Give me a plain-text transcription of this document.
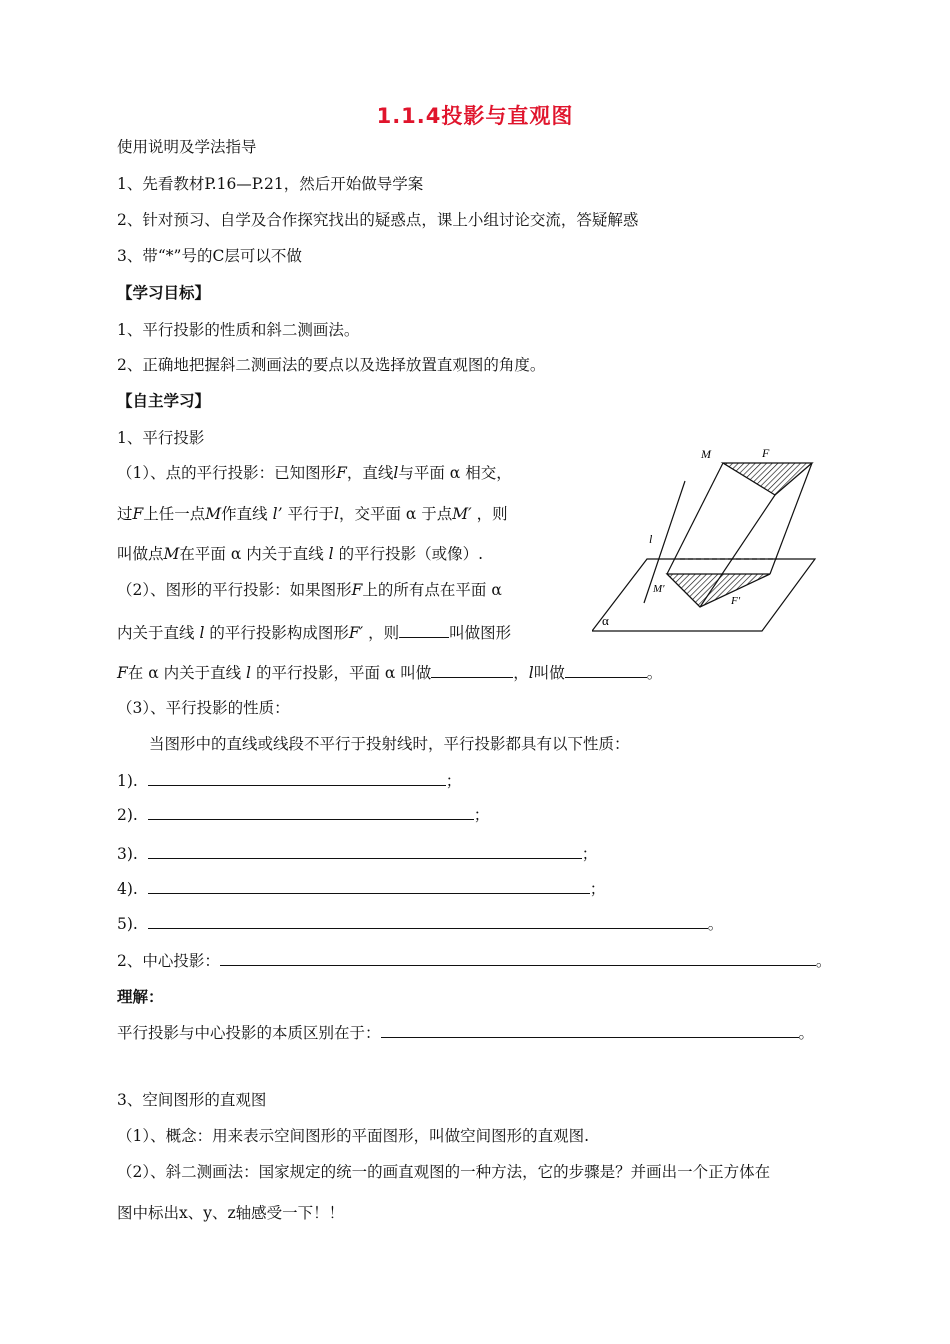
1.1.4投影与直观图
使用说明及学法指导
1、先看教材P.16—P.21，然后开始做导学案
2、针对预习、自学及合作探究找出的疑惑点，课上小组讨论交流，答疑解惑
3、带“*”号的C层可以不做
【学习目标】
1、平行投影的性质和斜二测画法。
2、正确地把握斜二测画法的要点以及选择放置直观图的角度。
【自主学习】
1、平行投影
（1）、点的平行投影：已知图形F，直线l与平面 α 相交，
过F上任一点M作直线 l’ 平行于l，交平面 α 于点M′ ，则
叫做点M在平面 α 内关于直线 l 的平行投影（或像）.
（2）、图形的平行投影：如果图形F上的所有点在平面 α
内关于直线 l 的平行投影构成图形F′ ，则	叫做图形
F在 α 内关于直线 l 的平行投影，平面 α 叫做	，l叫做	。
（3）、平行投影的性质：
当图形中的直线或线段不平行于投射线时，平行投影都具有以下性质：
1).	；
2).	；
3).	；
4).	；
5).	。
2、中心投影：	。
理解：
平行投影与中心投影的本质区别在于：	。
3、空间图形的直观图
（1）、概念：用来表示空间图形的平面图形，叫做空间图形的直观图.
（2）、斜二测画法：国家规定的统一的画直观图的一种方法，它的步骤是？并画出一个正方体在
图中标出x、y、z轴感受一下！！
M	F
l
M′
F′
α
